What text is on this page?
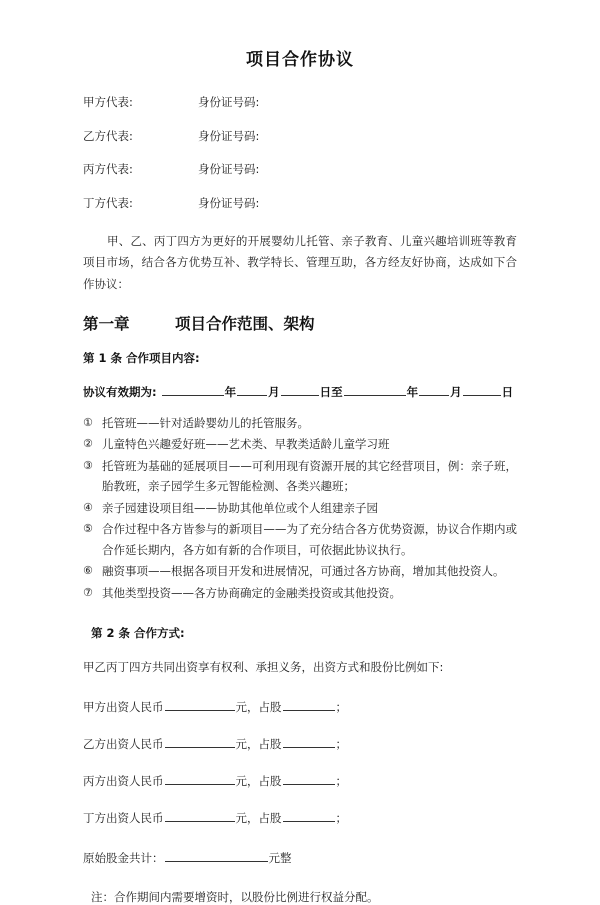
项目合作协议
甲方代表:	身份证号码:
乙方代表:	身份证号码:
丙方代表:	身份证号码:
丁方代表:	身份证号码:

甲、乙、丙丁四方为更好的开展婴幼儿托管、亲子教育、儿童兴趣培训班等教育项目市场，结合各方优势互补、教学特长、管理互助，各方经友好协商，达成如下合作协议：

第一章	项目合作范围、架构
第 1 条 合作项目内容:
协议有效期为:	年	月	日至	年	月	日
① 托管班——针对适龄婴幼儿的托管服务。
② 儿童特色兴趣爱好班——艺术类、早教类适龄儿童学习班
③ 托管班为基础的延展项目——可利用现有资源开展的其它经营项目，例：亲子班，胎教班，亲子园学生多元智能检测、各类兴趣班；
④ 亲子园建设项目组——协助其他单位或个人组建亲子园
⑤ 合作过程中各方皆参与的新项目——为了充分结合各方优势资源，协议合作期内或合作延长期内，各方如有新的合作项目，可依据此协议执行。
⑥ 融资事项——根据各项目开发和进展情况，可通过各方协商，增加其他投资人。
⑦ 其他类型投资——各方协商确定的金融类投资或其他投资。
第 2 条 合作方式:

甲乙丙丁四方共同出资享有权利、承担义务，出资方式和股份比例如下:

甲方出资人民币	元，占股	；
乙方出资人民币	元，占股	；
丙方出资人民币	元，占股	；
丁方出资人民币	元，占股	；
原始股金共计：	元整
注：合作期间内需要增资时，以股份比例进行权益分配。
